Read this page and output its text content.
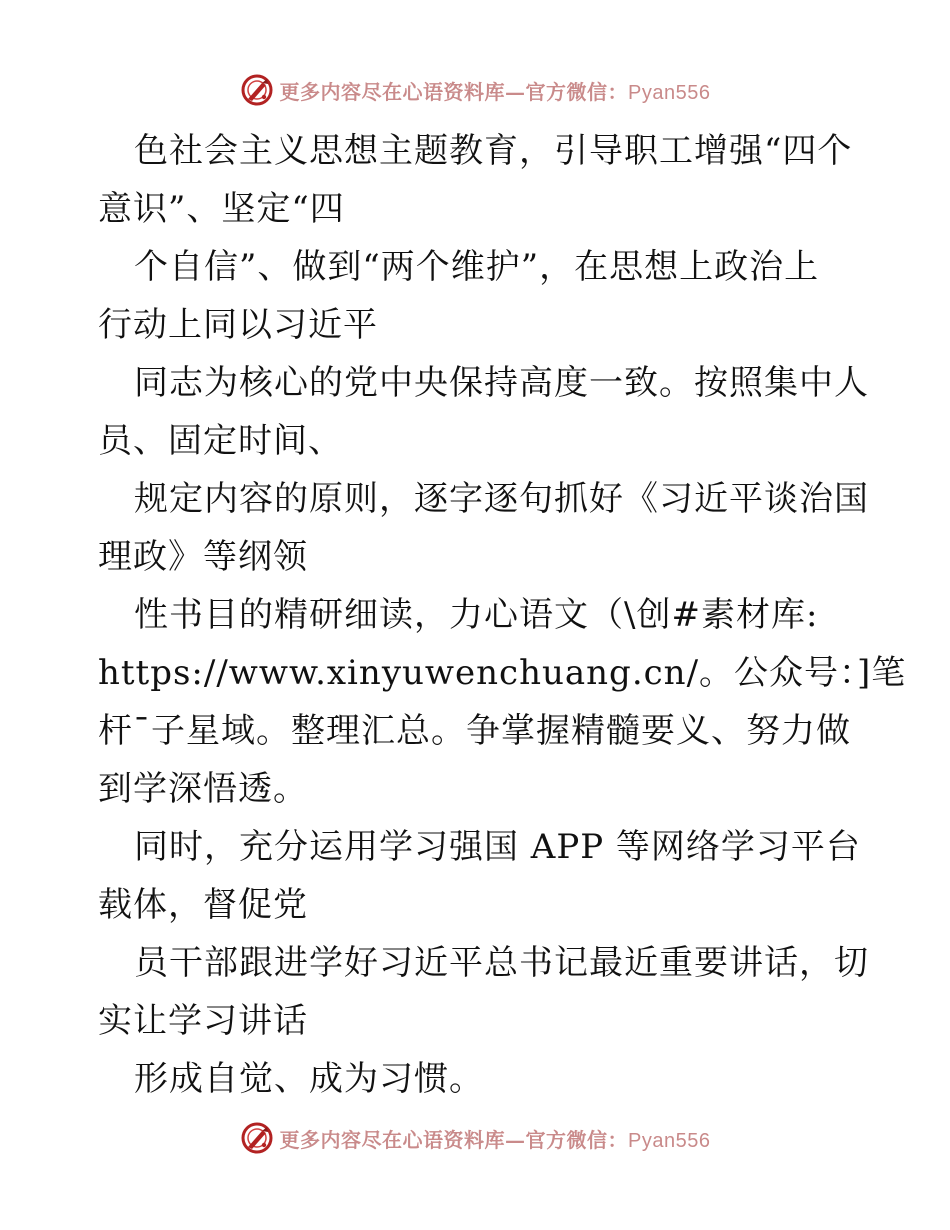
更多内容尽在心语资料库—官方微信：Pyan556
色社会主义思想主题教育，引导职工增强“四个
意识”、坚定“四
个自信”、做到“两个维护”，在思想上政治上
行动上同以习近平
同志为核心的党中央保持高度一致。按照集中人
员、固定时间、
规定内容的原则，逐字逐句抓好《习近平谈治国
理政》等纲领
性书目的精研细读，力心语文（\创#素材库:
https://www.xinyuwenchuang.cn/。公众号：]笔
杆¯子星域。整理汇总。争掌握精髓要义、努力做
到学深悟透。
同时，充分运用学习强国 APP 等网络学习平台
载体，督促党
员干部跟进学好习近平总书记最近重要讲话，切
实让学习讲话
形成自觉、成为习惯。
更多内容尽在心语资料库—官方微信：Pyan556
